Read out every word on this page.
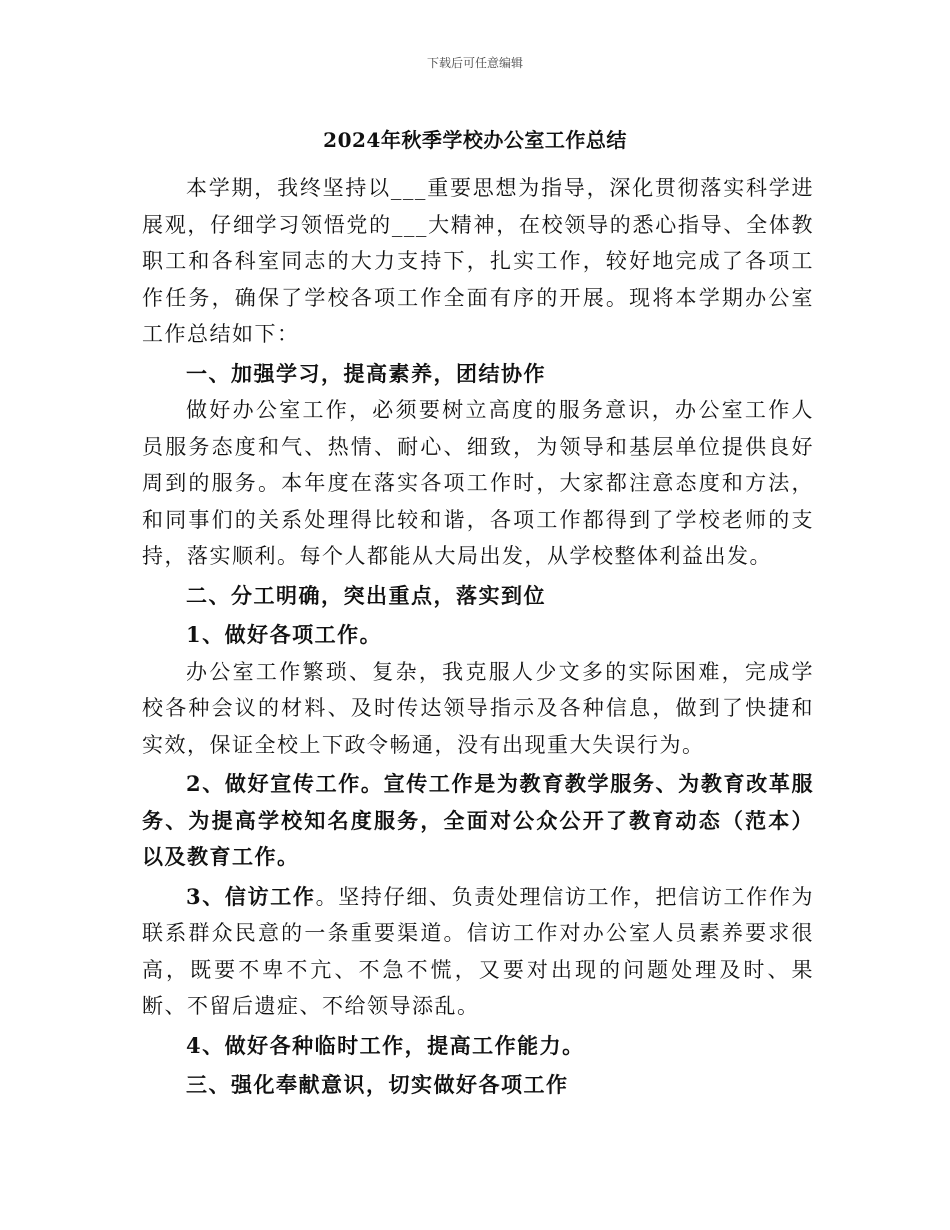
下载后可任意编辑
2024年秋季学校办公室工作总结

本学期，我终坚持以___重要思想为指导，深化贯彻落实科学进展观，仔细学习领悟党的___大精神，在校领导的悉心指导、全体教职工和各科室同志的大力支持下，扎实工作，较好地完成了各项工作任务，确保了学校各项工作全面有序的开展。现将本学期办公室工作总结如下：

一、加强学习，提高素养，团结协作

做好办公室工作，必须要树立高度的服务意识，办公室工作人员服务态度和气、热情、耐心、细致，为领导和基层单位提供良好周到的服务。本年度在落实各项工作时，大家都注意态度和方法，和同事们的关系处理得比较和谐，各项工作都得到了学校老师的支持，落实顺利。每个人都能从大局出发，从学校整体利益出发。

二、分工明确，突出重点，落实到位

1、做好各项工作。

办公室工作繁琐、复杂，我克服人少文多的实际困难，完成学校各种会议的材料、及时传达领导指示及各种信息，做到了快捷和实效，保证全校上下政令畅通，没有出现重大失误行为。

2、做好宣传工作。宣传工作是为教育教学服务、为教育改革服务、为提高学校知名度服务，全面对公众公开了教育动态（范本）以及教育工作。

3、信访工作。坚持仔细、负责处理信访工作，把信访工作作为联系群众民意的一条重要渠道。信访工作对办公室人员素养要求很高，既要不卑不亢、不急不慌，又要对出现的问题处理及时、果断、不留后遗症、不给领导添乱。

4、做好各种临时工作，提高工作能力。

三、强化奉献意识，切实做好各项工作
